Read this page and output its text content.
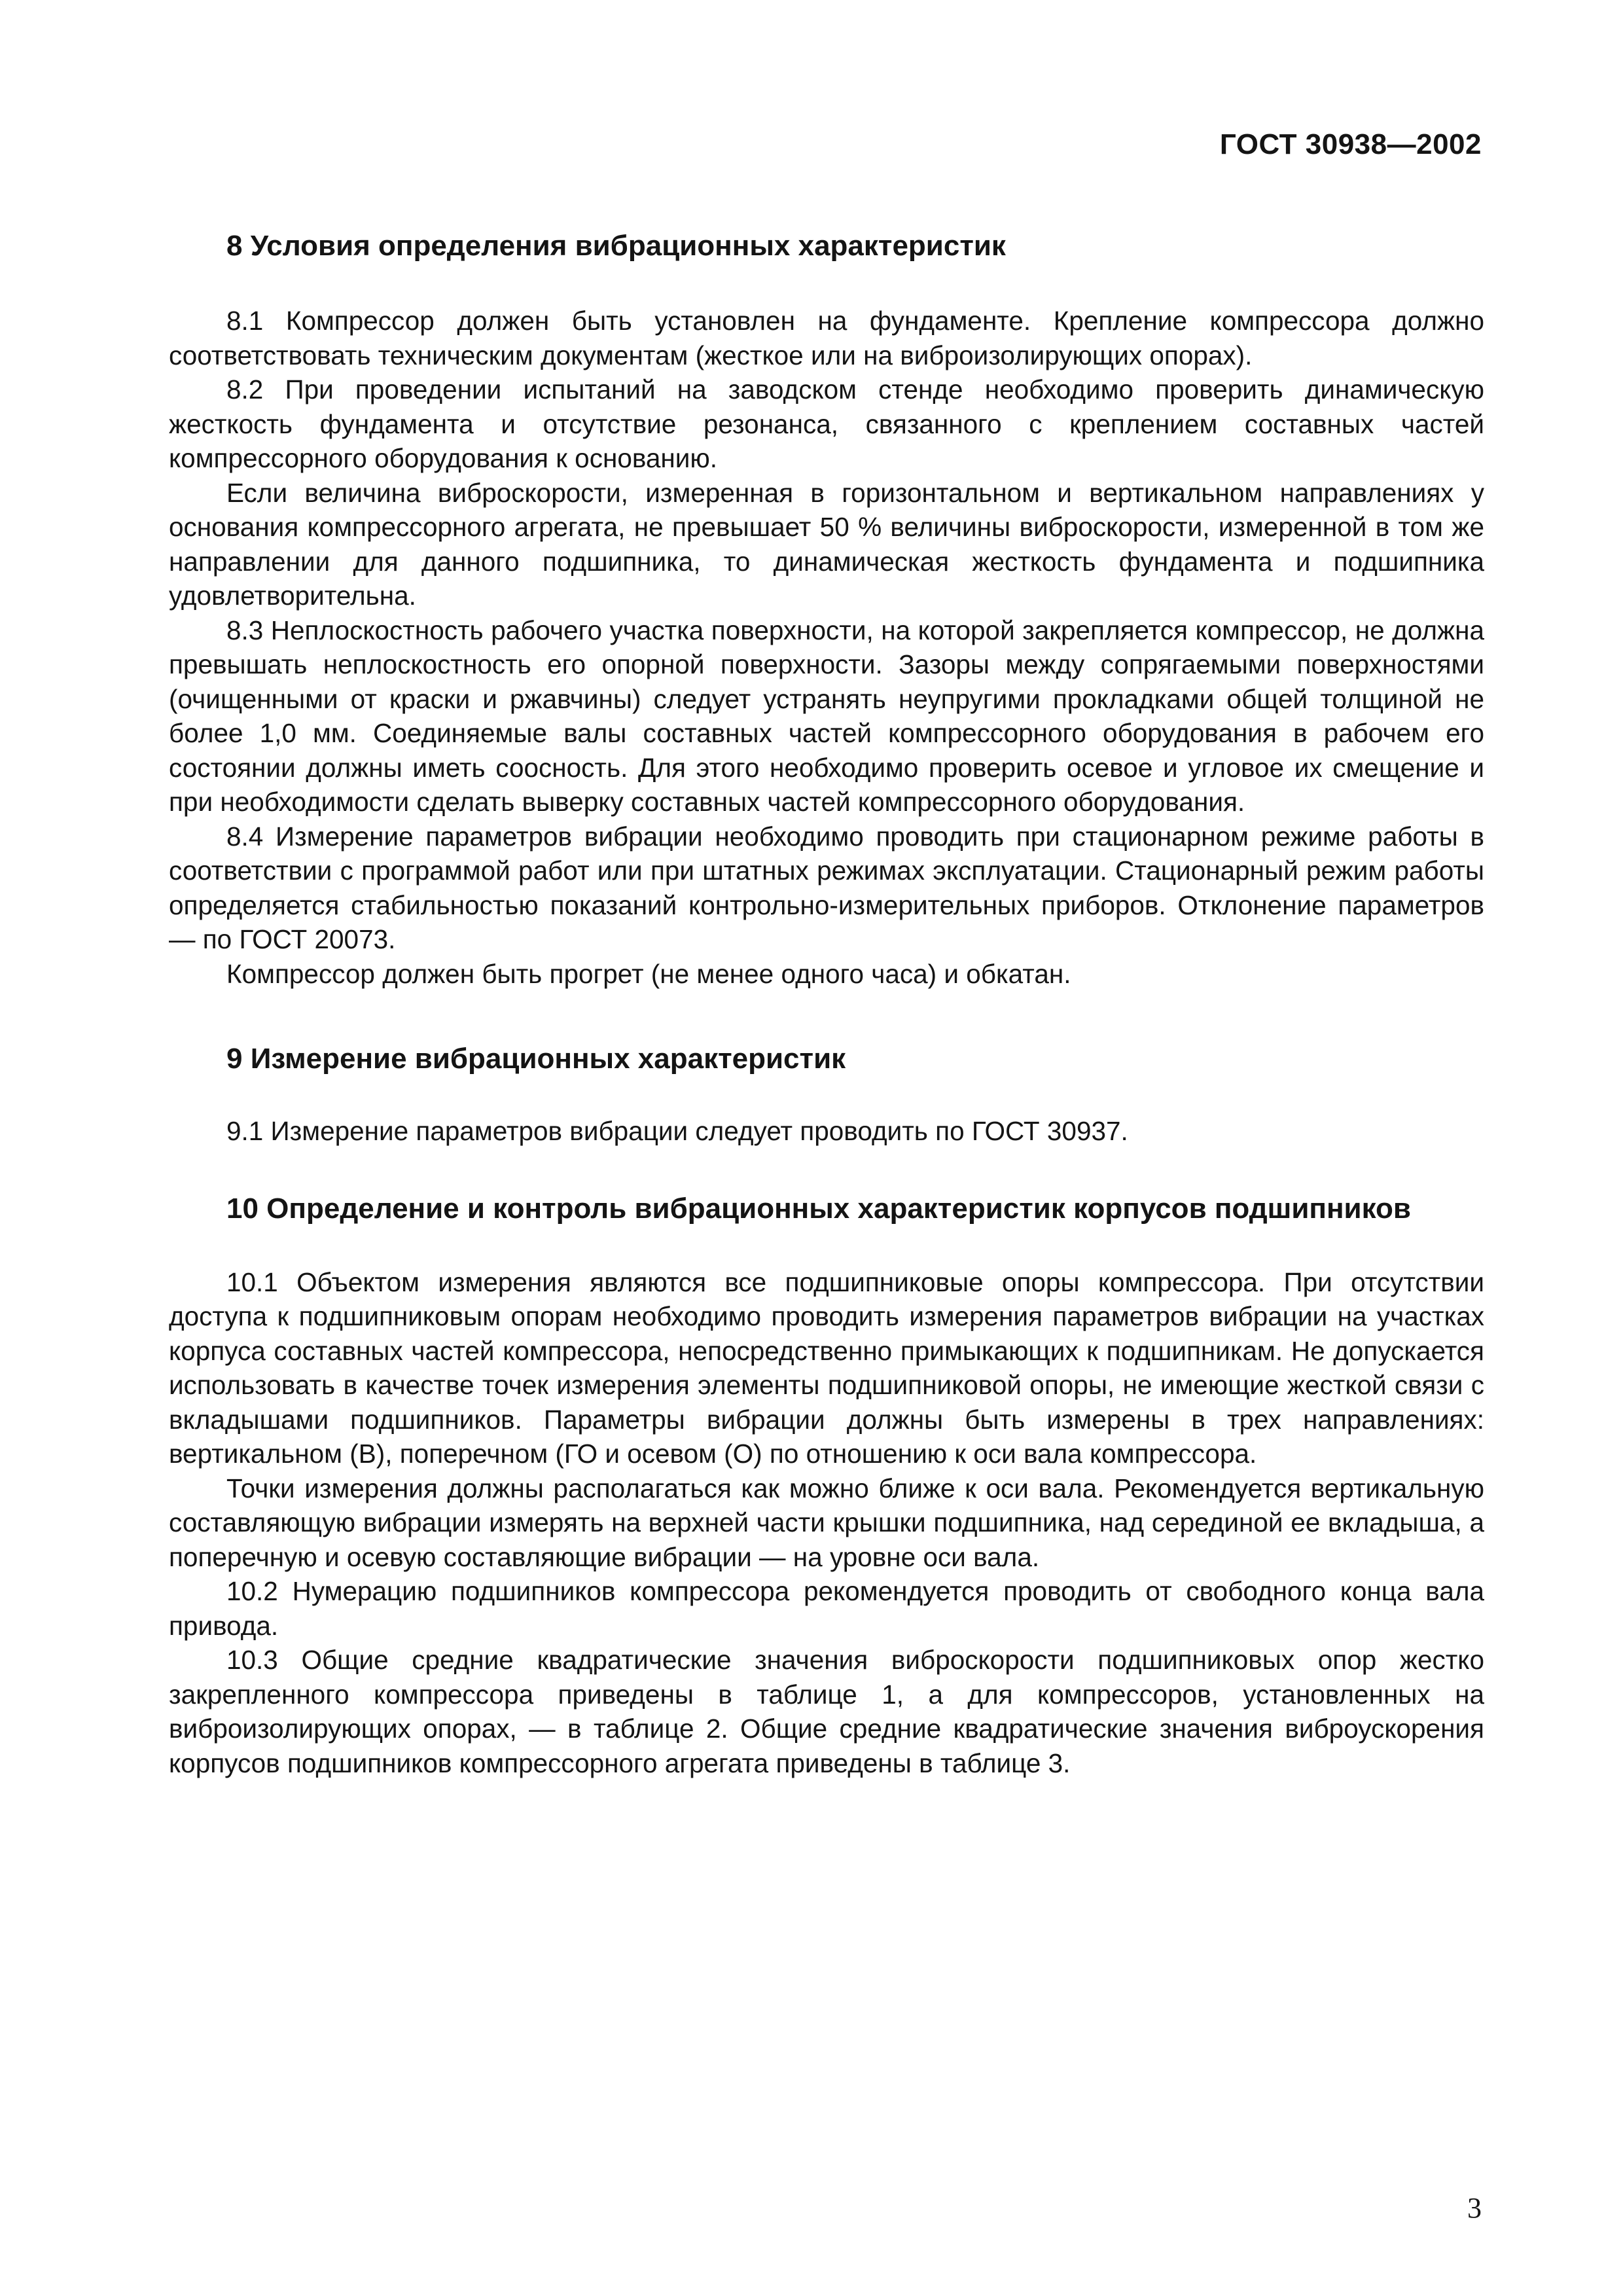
ГОСТ 30938—2002
8 Условия определения вибрационных характеристик

8.1 Компрессор должен быть установлен на фундаменте. Крепление компрессора должно соответствовать техническим документам (жесткое или на виброизолирующих опорах).

8.2 При проведении испытаний на заводском стенде необходимо проверить динамическую жесткость фундамента и отсутствие резонанса, связанного с креплением составных частей компрессорного оборудования к основанию.

Если величина виброскорости, измеренная в горизонтальном и вертикальном направлениях у основания компрессорного агрегата, не превышает 50 % величины виброскорости, измеренной в том же направлении для данного подшипника, то динамическая жесткость фундамента и подшипника удовлетворительна.

8.3 Неплоскостность рабочего участка поверхности, на которой закрепляется компрессор, не должна превышать неплоскостность его опорной поверхности. Зазоры между сопрягаемыми поверхностями (очищенными от краски и ржавчины) следует устранять неупругими прокладками общей толщиной не более 1,0 мм. Соединяемые валы составных частей компрессорного оборудования в рабочем его состоянии должны иметь соосность. Для этого необходимо проверить осевое и угловое их смещение и при необходимости сделать выверку составных частей компрессорного оборудования.

8.4 Измерение параметров вибрации необходимо проводить при стационарном режиме работы в соответствии с программой работ или при штатных режимах эксплуатации. Стационарный режим работы определяется стабильностью показаний контрольно-измерительных приборов. Отклонение параметров — по ГОСТ 20073.

Компрессор должен быть прогрет (не менее одного часа) и обкатан.

9 Измерение вибрационных характеристик

9.1 Измерение параметров вибрации следует проводить по ГОСТ 30937.

10 Определение и контроль вибрационных характеристик корпусов подшипников

10.1 Объектом измерения являются все подшипниковые опоры компрессора. При отсутствии доступа к подшипниковым опорам необходимо проводить измерения параметров вибрации на участках корпуса составных частей компрессора, непосредственно примыкающих к подшипникам. Не допускается использовать в качестве точек измерения элементы подшипниковой опоры, не имеющие жесткой связи с вкладышами подшипников. Параметры вибрации должны быть измерены в трех направлениях: вертикальном (В), поперечном (ГО и осевом (О) по отношению к оси вала компрессора.

Точки измерения должны располагаться как можно ближе к оси вала. Рекомендуется вертикальную составляющую вибрации измерять на верхней части крышки подшипника, над серединой ее вкладыша, а поперечную и осевую составляющие вибрации — на уровне оси вала.

10.2 Нумерацию подшипников компрессора рекомендуется проводить от свободного конца вала привода.

10.3 Общие средние квадратические значения виброскорости подшипниковых опор жестко закрепленного компрессора приведены в таблице 1, а для компрессоров, установленных на виброизолирующих опорах, — в таблице 2. Общие средние квадратические значения виброускорения корпусов подшипников компрессорного агрегата приведены в таблице 3.

3
